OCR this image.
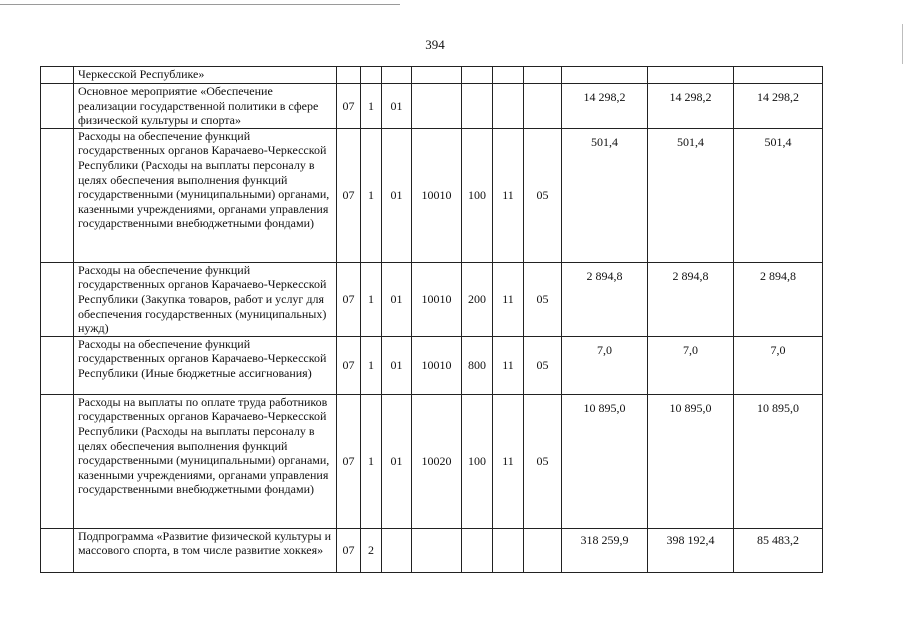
394
	Черкесской Республике»										
	Основное мероприятие «Обеспечение реализации государственной политики в сфере физической культуры и спорта»	07	1	01					14 298,2	14 298,2	14 298,2
	Расходы на обеспечение функций государственных органов Карачаево-Черкесской Республики (Расходы на выплаты персоналу в целях обеспечения выполнения функций государственными (муниципальными) органами, казенными учреждениями, органами управления государственными внебюджетными фондами)	07	1	01	10010	100	11	05	501,4	501,4	501,4
	Расходы на обеспечение функций государственных органов Карачаево-Черкесской Республики (Закупка товаров, работ и услуг для обеспечения государственных (муниципальных) нужд)	07	1	01	10010	200	11	05	2 894,8	2 894,8	2 894,8
	Расходы на обеспечение функций государственных органов Карачаево-Черкесской Республики (Иные бюджетные ассигнования)	07	1	01	10010	800	11	05	7,0	7,0	7,0
	Расходы на выплаты по оплате труда работников государственных органов Карачаево-Черкесской Республики (Расходы на выплаты персоналу в целях обеспечения выполнения функций государственными (муниципальными) органами, казенными учреждениями, органами управления государственными внебюджетными фондами)	07	1	01	10020	100	11	05	10 895,0	10 895,0	10 895,0
	Подпрограмма «Развитие физической культуры и массового спорта, в том числе развитие хоккея»	07	2						318 259,9	398 192,4	85 483,2
